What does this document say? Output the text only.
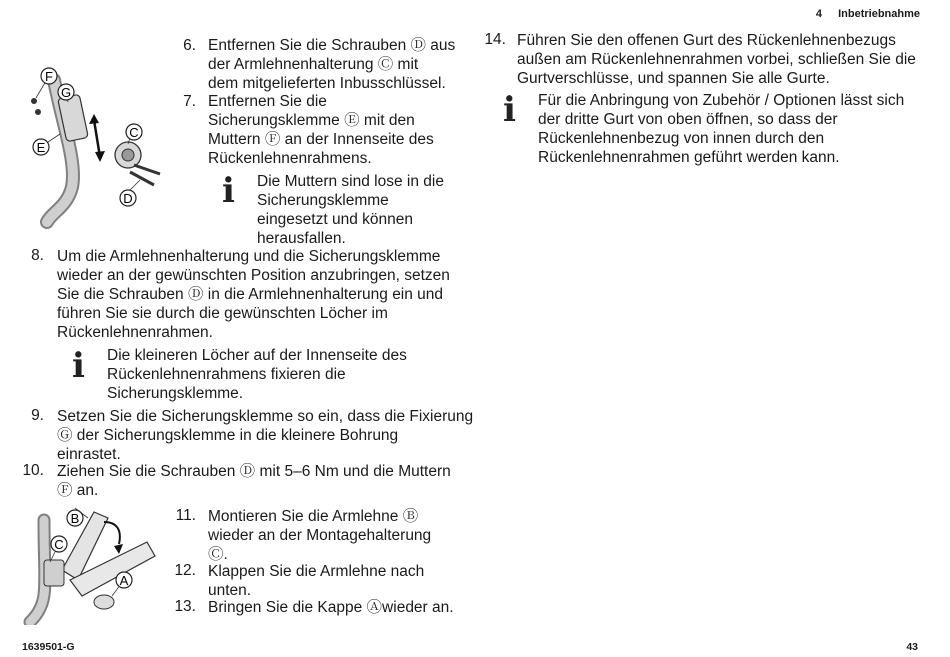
4 Inbetriebnahme
F
G
E
C
D
6. Entfernen Sie die Schrauben Ⓓ aus
der Armlehnenhalterung Ⓒ mit
dem mitgelieferten Inbusschlüssel.
7. Entfernen Sie die
Sicherungsklemme Ⓔ mit den
Muttern Ⓕ an der Innenseite des
Rückenlehnenrahmens.
ℹ Die Muttern sind lose in die
Sicherungsklemme
eingesetzt und können
herausfallen.
8. Um die Armlehnenhalterung und die Sicherungsklemme
wieder an der gewünschten Position anzubringen, setzen
Sie die Schrauben Ⓓ in die Armlehnenhalterung ein und
führen Sie sie durch die gewünschten Löcher im
Rückenlehnenrahmen.
ℹ Die kleineren Löcher auf der Innenseite des
Rückenlehnenrahmens fixieren die
Sicherungsklemme.
9. Setzen Sie die Sicherungsklemme so ein, dass die Fixierung
Ⓖ der Sicherungsklemme in die kleinere Bohrung
einrastet.
10. Ziehen Sie die Schrauben Ⓓ mit 5–6 Nm und die Muttern
Ⓕ an.
B
C
A
11. Montieren Sie die Armlehne Ⓑ
wieder an der Montagehalterung
Ⓒ.
12. Klappen Sie die Armlehne nach
unten.
13. Bringen Sie die Kappe Ⓐwieder an.
14. Führen Sie den offenen Gurt des Rückenlehnenbezugs
außen am Rückenlehnenrahmen vorbei, schließen Sie die
Gurtverschlüsse, und spannen Sie alle Gurte.
ℹ Für die Anbringung von Zubehör / Optionen lässt sich
der dritte Gurt von oben öffnen, so dass der
Rückenlehnenbezug von innen durch den
Rückenlehnenrahmen geführt werden kann.
1639501-G	43
